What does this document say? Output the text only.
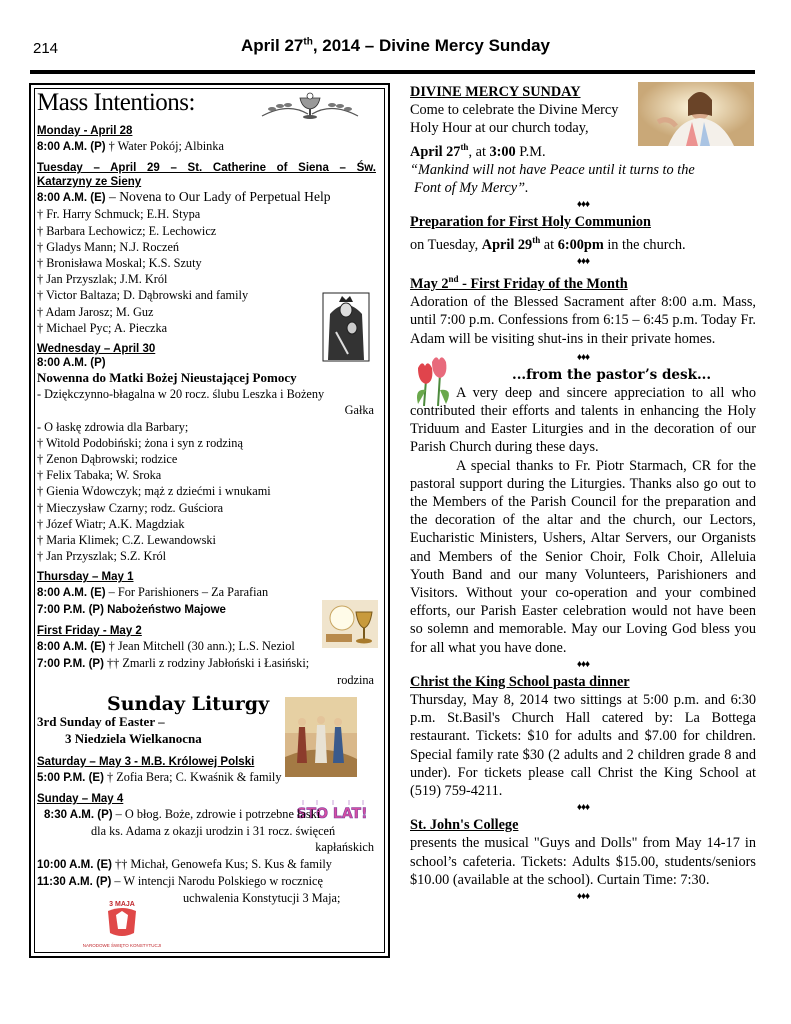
214	April 27th, 2014 – Divine Mercy Sunday
STO LAT!
3 MAJA
NARODOWE ŚWIĘTO KONSTYTUCJI
Mass Intentions:
Monday - April 28
8:00 A.M. (P) † Water Pokój; Albinka
Tuesday – April 29 – St. Catherine of Siena – Św.
Katarzyny ze Sieny
8:00 A.M. (E) – Novena to Our Lady of Perpetual Help
† Fr. Harry Schmuck; E.H. Stypa
† Barbara Lechowicz; E. Lechowicz
† Gladys Mann; N.J. Roczeń
† Bronisława Moskal; K.S. Szuty
† Jan Przyszlak; J.M. Król
† Victor Baltaza; D. Dąbrowski and family
† Adam Jarosz; M. Guz
† Michael Pyc; A. Pieczka
Wednesday – April 30
8:00 A.M. (P)
Nowenna do Matki Bożej Nieustającej Pomocy
- Dziękczynno-błagalna w 20 rocz. ślubu Leszka i Bożeny
Gałka
- O łaskę zdrowia dla Barbary;
† Witold Podobiński; żona i syn z rodziną
† Zenon Dąbrowski; rodzice
† Felix Tabaka; W. Sroka
† Gienia Wdowczyk; mąż z dziećmi i wnukami
† Mieczysław Czarny; rodz. Guściora
† Józef Wiatr; A.K. Magdziak
† Maria Klimek; C.Z. Lewandowski
† Jan Przyszlak; S.Z. Król
Thursday – May 1
8:00 A.M. (E) – For Parishioners – Za Parafian
7:00 P.M. (P) Nabożeństwo Majowe
First Friday - May 2
8:00 A.M. (E) † Jean Mitchell (30 ann.); L.S. Neziol
7:00 P.M. (P) †† Zmarli z rodziny Jabłoński i Łasiński;
rodzina
Sunday Liturgy
3rd Sunday of Easter –
3 Niedziela Wielkanocna
Saturday – May 3 - M.B. Królowej Polski
5:00 P.M. (E) † Zofia Bera; C. Kwaśnik & family
Sunday – May 4
8:30 A.M. (P) – O błog. Boże, zdrowie i potrzebne łaski
dla ks. Adama z okazji urodzin i 31 rocz. święceń
kapłańskich
10:00 A.M. (E) †† Michał, Genowefa Kus; S. Kus & family
11:30 A.M. (P) – W intencji Narodu Polskiego w rocznicę
uchwalenia Konstytucji 3 Maja;

DIVINE MERCY SUNDAY

Come to celebrate the Divine Mercy

Holy Hour at our church today,

April 27th, at 3:00 P.M.

“Mankind will not have Peace until it turns to the

Font of My Mercy”.

♦♦♦

Preparation for First Holy Communion

on Tuesday, April 29th at 6:00pm in the church.

♦♦♦

May 2nd - First Friday of the Month

Adoration of the Blessed Sacrament after 8:00 a.m. Mass, until 7:00 p.m. Confessions from 6:15 – 6:45 p.m. Today Fr. Adam will be visiting shut-ins in their private homes.

♦♦♦

...from the pastor’s desk...

A very deep and sincere appreciation to all who contributed their efforts and talents in enhancing the Holy Triduum and Easter Liturgies and in the decoration of our Parish Church during these days.

A special thanks to Fr. Piotr Starmach, CR for the pastoral support during the Liturgies. Thanks also go out to the Members of the Parish Council for the preparation and the decoration of the altar and the church, our Lectors, Eucharistic Ministers, Ushers, Altar Servers, our Organists and Members of the Senior Choir, Folk Choir, Alleluia Youth Band and our many Volunteers, Parishioners and Visitors. Without your co-operation and your combined efforts, our Parish Easter celebration would not have been so solemn and memorable. May our Loving God bless you for all what you have done.

♦♦♦

Christ the King School pasta dinner

Thursday, May 8, 2014 two sittings at 5:00 p.m. and 6:30 p.m. St.Basil's Church Hall catered by: La Bottega restaurant. Tickets: $10 for adults and $7.00 for children. Special family rate $30 (2 adults and 2 children grade 8 and under). For tickets please call Christ the King School at (519) 759-4211.

♦♦♦

St. John's College

presents the musical "Guys and Dolls" from May 14-17 in school’s cafeteria. Tickets: Adults $15.00, students/seniors $10.00 (available at the school). Curtain Time: 7:30.

♦♦♦
